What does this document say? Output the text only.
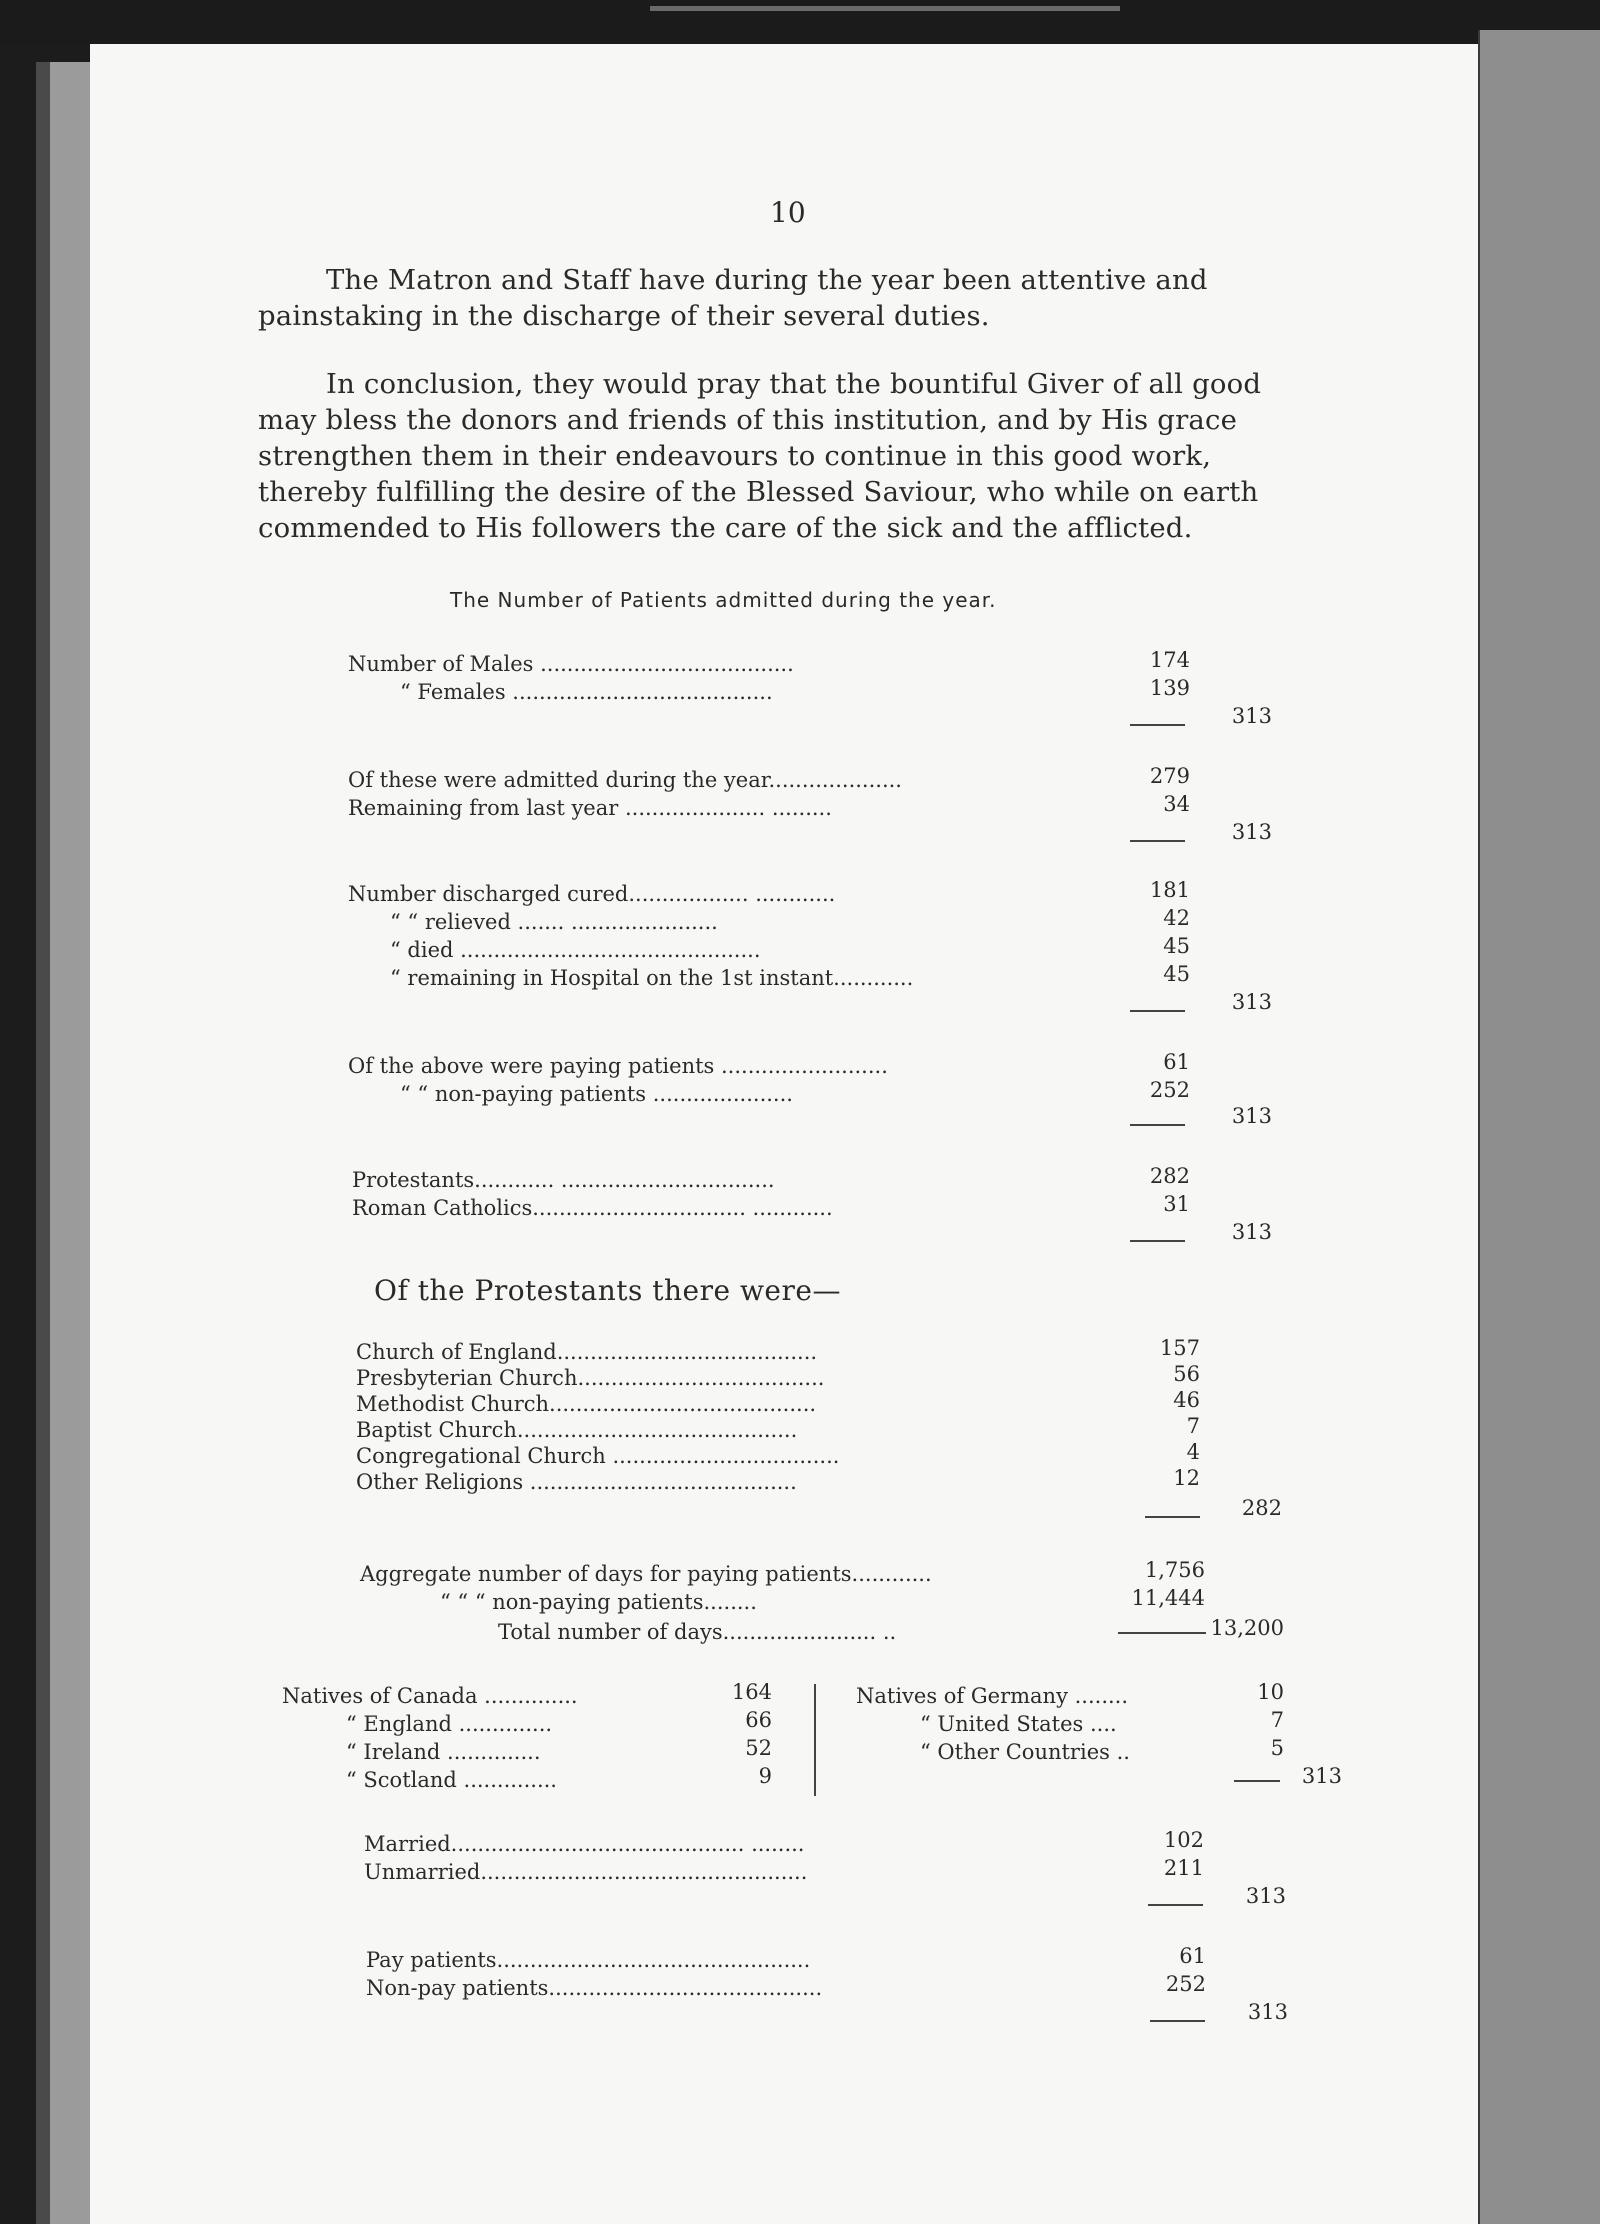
10
The Matron and Staff have during the year been attentive and
painstaking in the discharge of their several duties.
In conclusion, they would pray that the bountiful Giver of all good
may bless the donors and friends of this institution, and by His grace
strengthen them in their endeavours to continue in this good work,
thereby fulfilling the desire of the Blessed Saviour, who while on earth
commended to His followers the care of the sick and the afflicted.
The Number of Patients admitted during the year.
Number of Males ......................................	174
“ Females .......................................	139
313
Of these were admitted during the year....................	279
Remaining from last year ..................... .........	34
313
Number discharged cured.................. ............	181
“ “ relieved ....... ......................	42
“ died .............................................	45
“ remaining in Hospital on the 1st instant............	45
313
Of the above were paying patients .........................	61
“ “ non-paying patients .....................	252
313
Protestants............ ................................	282
Roman Catholics................................ ............	31
313
Of the Protestants there were—
Church of England.......................................	157
Presbyterian Church.....................................	56
Methodist Church........................................	46
Baptist Church..........................................	7
Congregational Church ..................................	4
Other Religions ........................................	12
282
Aggregate number of days for paying patients............	1,756
“ “ “ non-paying patients........	11,444
Total number of days....................... ..	13,200
Natives of Canada ..............	164
“ England ..............	66
“ Ireland ..............	52
“ Scotland ..............	9
Natives of Germany ........	10
“ United States ....	7
“ Other Countries ..	5
313
Married............................................ ........	102
Unmarried.................................................	211
313
Pay patients...............................................	61
Non-pay patients.........................................	252
313
